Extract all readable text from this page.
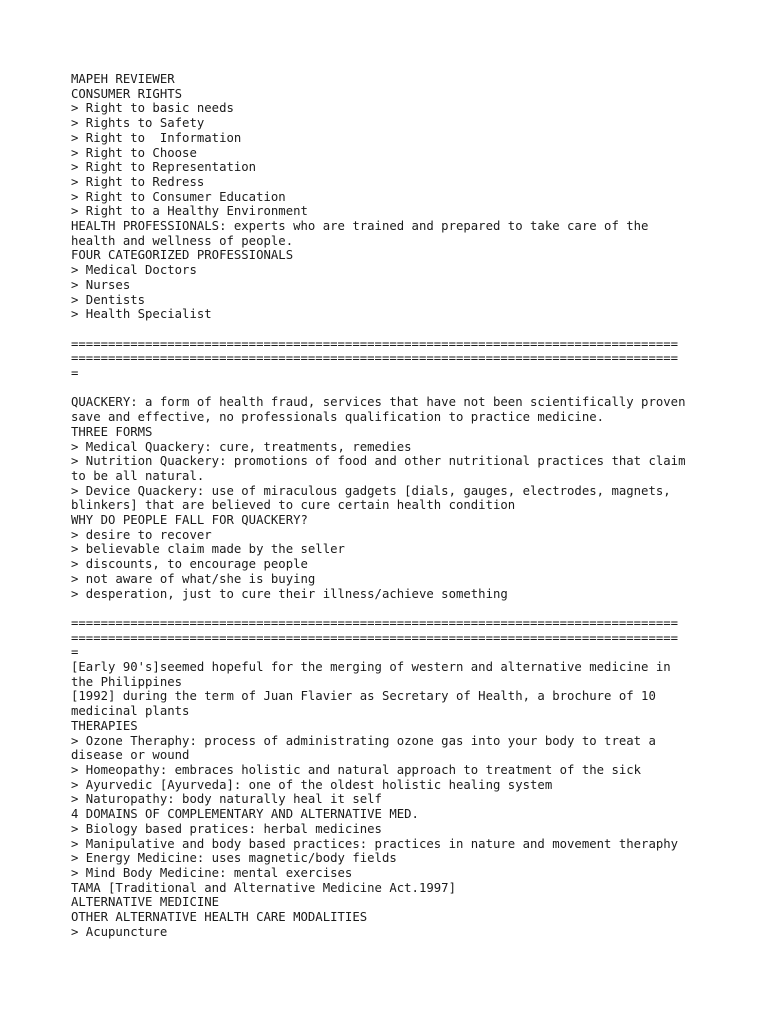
MAPEH REVIEWER
CONSUMER RIGHTS
> Right to basic needs
> Rights to Safety
> Right to  Information
> Right to Choose
> Right to Representation
> Right to Redress
> Right to Consumer Education
> Right to a Healthy Environment
HEALTH PROFESSIONALS: experts who are trained and prepared to take care of the
health and wellness of people.
FOUR CATEGORIZED PROFESSIONALS
> Medical Doctors
> Nurses
> Dentists
> Health Specialist
==================================================================================
==================================================================================
=
QUACKERY: a form of health fraud, services that have not been scientifically proven
save and effective, no professionals qualification to practice medicine.
THREE FORMS
> Medical Quackery: cure, treatments, remedies
> Nutrition Quackery: promotions of food and other nutritional practices that claim
to be all natural.
> Device Quackery: use of miraculous gadgets [dials, gauges, electrodes, magnets,
blinkers] that are believed to cure certain health condition
WHY DO PEOPLE FALL FOR QUACKERY?
> desire to recover
> believable claim made by the seller
> discounts, to encourage people
> not aware of what/she is buying
> desperation, just to cure their illness/achieve something
==================================================================================
==================================================================================
=
[Early 90's]seemed hopeful for the merging of western and alternative medicine in
the Philippines
[1992] during the term of Juan Flavier as Secretary of Health, a brochure of 10
medicinal plants
THERAPIES
> Ozone Theraphy: process of administrating ozone gas into your body to treat a
disease or wound
> Homeopathy: embraces holistic and natural approach to treatment of the sick
> Ayurvedic [Ayurveda]: one of the oldest holistic healing system
> Naturopathy: body naturally heal it self
4 DOMAINS OF COMPLEMENTARY AND ALTERNATIVE MED.
> Biology based pratices: herbal medicines
> Manipulative and body based practices: practices in nature and movement theraphy
> Energy Medicine: uses magnetic/body fields
> Mind Body Medicine: mental exercises
TAMA [Traditional and Alternative Medicine Act.1997]
ALTERNATIVE MEDICINE
OTHER ALTERNATIVE HEALTH CARE MODALITIES
> Acupuncture
